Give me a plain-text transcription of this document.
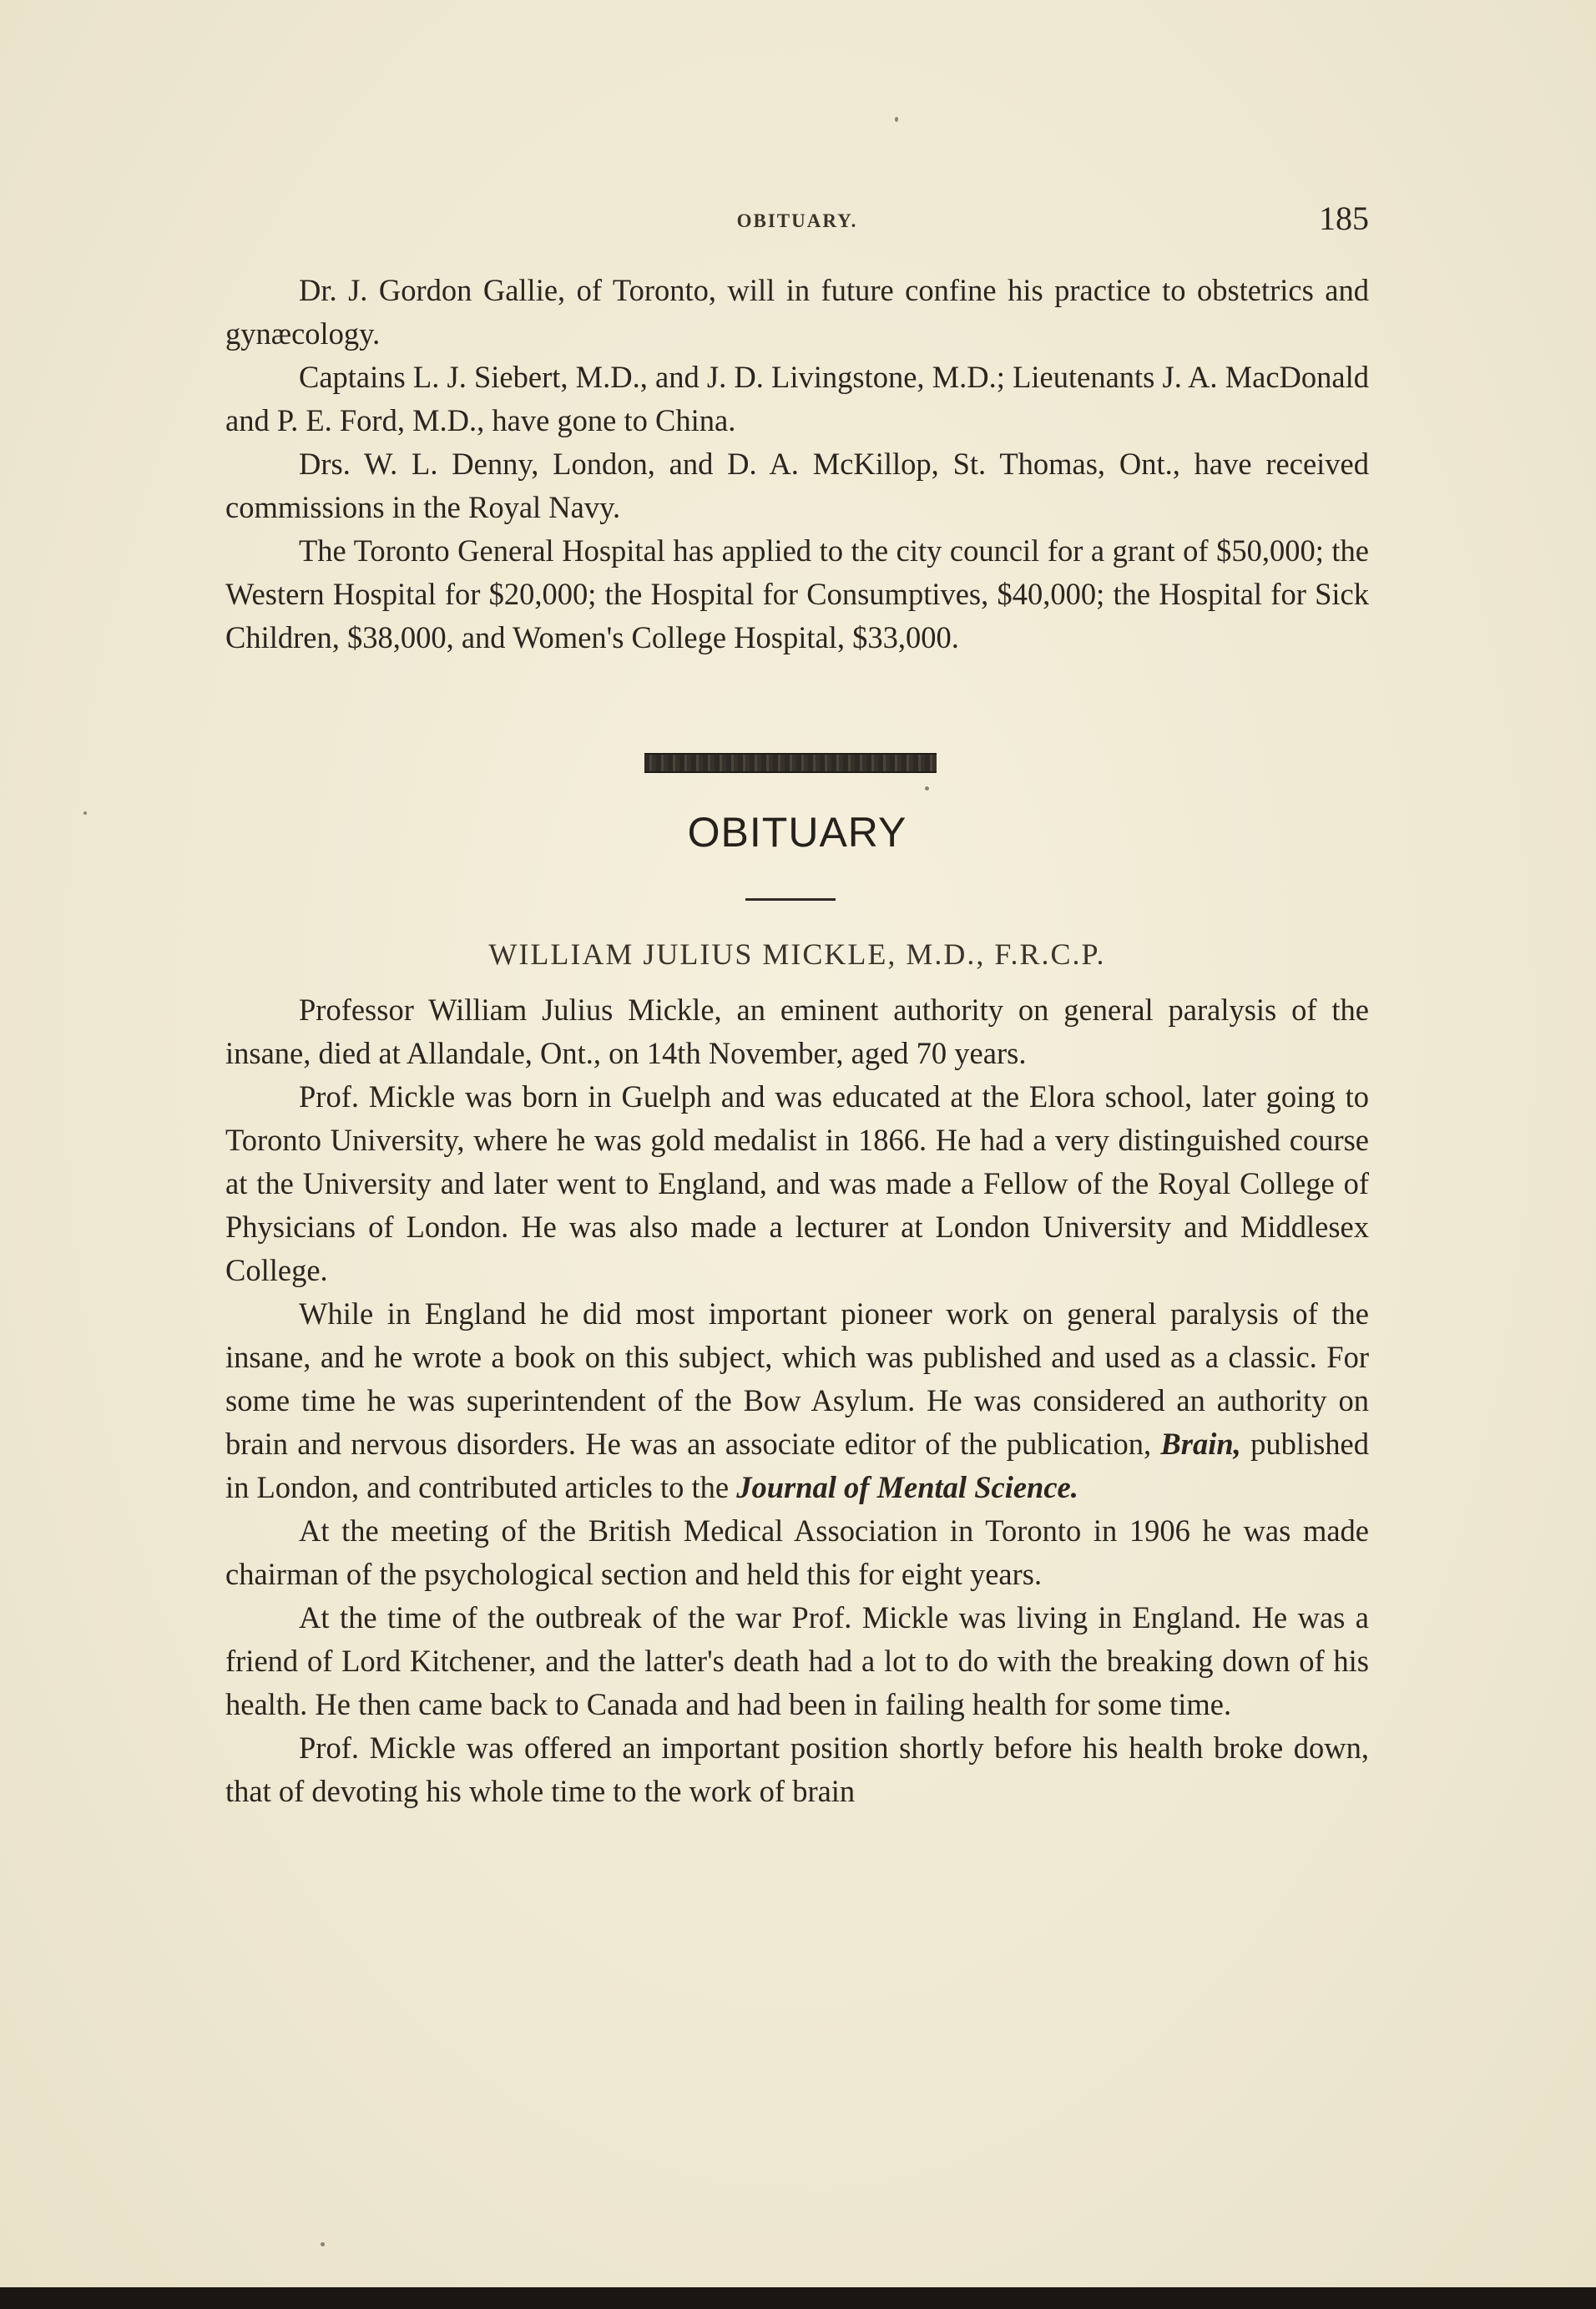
OBITUARY.	185

Dr. J. Gordon Gallie, of Toronto, will in future confine his practice to obstetrics and gynæcology.

Captains L. J. Siebert, M.D., and J. D. Livingstone, M.D.; Lieutenants J. A. MacDonald and P. E. Ford, M.D., have gone to China.

Drs. W. L. Denny, London, and D. A. McKillop, St. Thomas, Ont., have received commissions in the Royal Navy.

The Toronto General Hospital has applied to the city council for a grant of $50,000; the Western Hospital for $20,000; the Hospital for Consumptives, $40,000; the Hospital for Sick Children, $38,000, and Women's College Hospital, $33,000.

OBITUARY
WILLIAM JULIUS MICKLE, M.D., F.R.C.P.

Professor William Julius Mickle, an eminent authority on general paralysis of the insane, died at Allandale, Ont., on 14th November, aged 70 years.

Prof. Mickle was born in Guelph and was educated at the Elora school, later going to Toronto University, where he was gold medalist in 1866. He had a very distinguished course at the University and later went to England, and was made a Fellow of the Royal College of Physicians of London. He was also made a lecturer at London University and Middlesex College.

While in England he did most important pioneer work on general paralysis of the insane, and he wrote a book on this subject, which was published and used as a classic. For some time he was superintendent of the Bow Asylum. He was considered an authority on brain and nervous disorders. He was an associate editor of the publication, Brain, published in London, and contributed articles to the Journal of Mental Science.

At the meeting of the British Medical Association in Toronto in 1906 he was made chairman of the psychological section and held this for eight years.

At the time of the outbreak of the war Prof. Mickle was living in England. He was a friend of Lord Kitchener, and the latter's death had a lot to do with the breaking down of his health. He then came back to Canada and had been in failing health for some time.

Prof. Mickle was offered an important position shortly before his health broke down, that of devoting his whole time to the work of brain
